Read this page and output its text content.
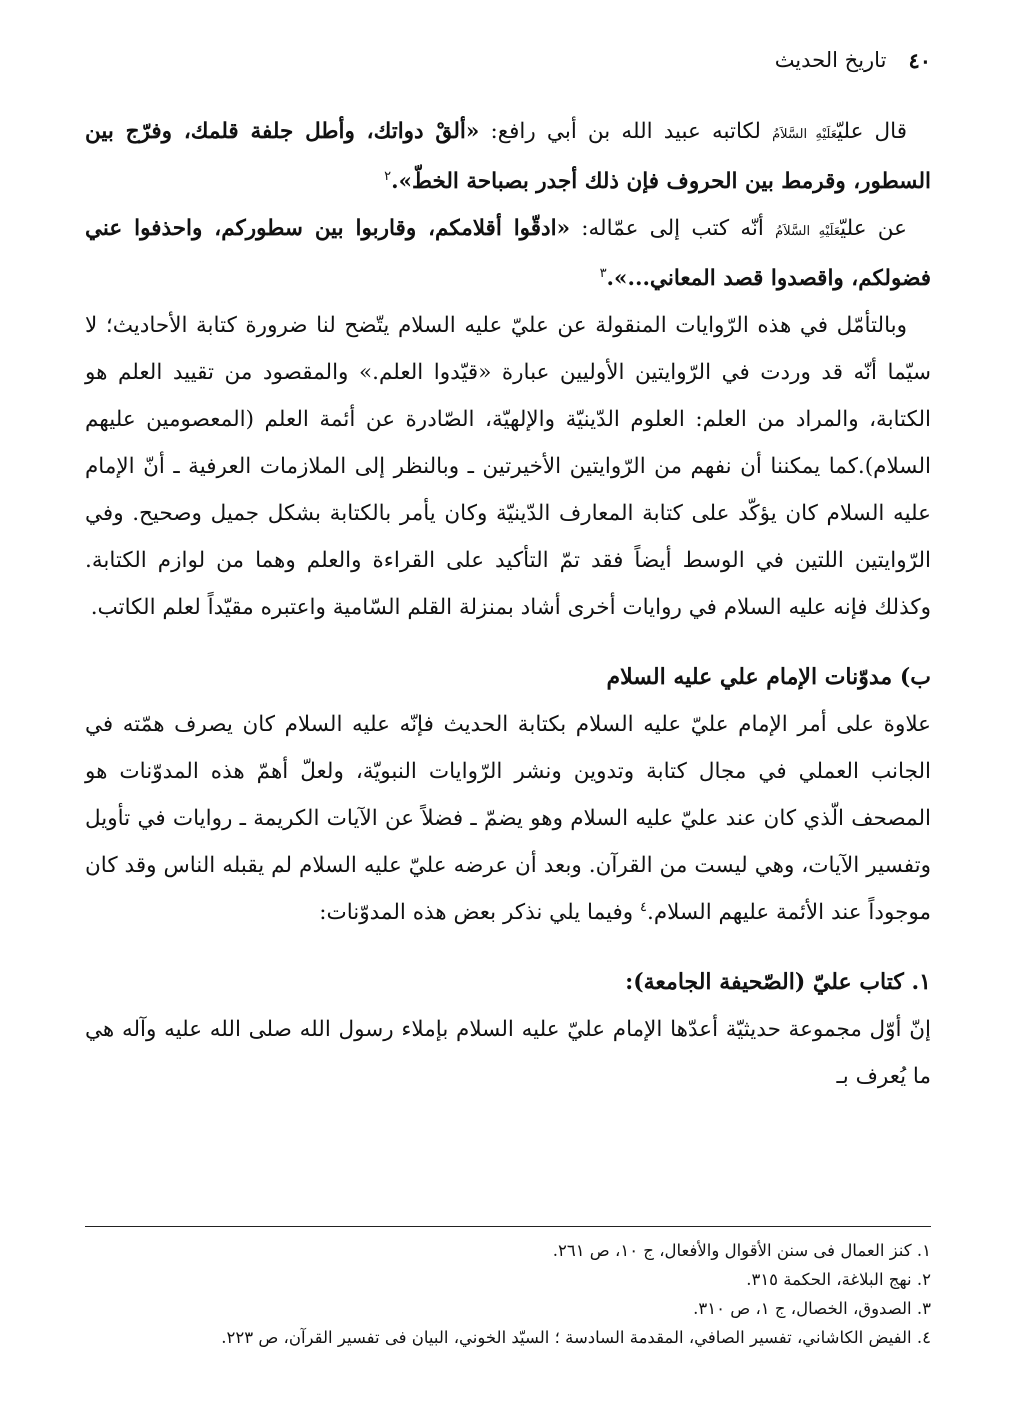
٤٠
تاريخ الحديث

قال عليّعَلَيْهِ السَّلاَمُ لكاتبه عبيد الله بن أبي رافع: «ألقْ دواتك، وأطل جلفة قلمك، وفرّج بين السطور، وقرمط بين الحروف فإن ذلك أجدر بصباحة الخطّ».$^٢$

عن عليّعَلَيْهِ السَّلاَمُ أنّه كتب إلى عمّاله: «ادقّوا أقلامكم، وقاربوا بين سطوركم، واحذفوا عني فضولكم، واقصدوا قصد المعاني...».$^٣$

وبالتأمّل في هذه الرّوايات المنقولة عن عليّ عليه السلام يتّضح لنا ضرورة كتابة الأحاديث؛ لا سيّما أنّه قد وردت في الرّوايتين الأوليين عبارة «قيّدوا العلم.» والمقصود من تقييد العلم هو الكتابة، والمراد من العلم: العلوم الدّينيّة والإلهيّة، الصّادرة عن أئمة العلم (المعصومين عليهم السلام).كما يمكننا أن نفهم من الرّوايتين الأخيرتين ـ وبالنظر إلى الملازمات العرفية ـ أنّ الإمام عليه السلام كان يؤكّد على كتابة المعارف الدّينيّة وكان يأمر بالكتابة بشكل جميل وصحيح. وفي الرّوايتين اللتين في الوسط أيضاً فقد تمّ التأكيد على القراءة والعلم وهما من لوازم الكتابة. وكذلك فإنه عليه السلام في روايات أخرى أشاد بمنزلة القلم السّامية واعتبره مقيّداً لعلم الكاتب.

ب) مدوّنات الإمام علي عليه السلام

علاوة على أمر الإمام عليّ عليه السلام بكتابة الحديث فإنّه عليه السلام كان يصرف همّته في الجانب العملي في مجال كتابة وتدوين ونشر الرّوايات النبويّة، ولعلّ أهمّ هذه المدوّنات هو المصحف الّذي كان عند عليّ عليه السلام وهو يضمّ ـ فضلاً عن الآيات الكريمة ـ روايات في تأويل وتفسير الآيات، وهي ليست من القرآن. وبعد أن عرضه عليّ عليه السلام لم يقبله الناس وقد كان موجوداً عند الأئمة عليهم السلام.$^٤$ وفيما يلي نذكر بعض هذه المدوّنات:

١. كتاب عليّ (الصّحيفة الجامعة):

إنّ أوّل مجموعة حديثيّة أعدّها الإمام عليّ عليه السلام بإملاء رسول الله صلى الله عليه وآله هي ما يُعرف بـ

١. كنز العمال فى سنن الأقوال والأفعال، ج ١٠، ص ٢٦١.

٢. نهج البلاغة، الحكمة ٣١٥.

٣. الصدوق، الخصال، ج ١، ص ٣١٠.

٤. الفيض الكاشاني، تفسير الصافي، المقدمة السادسة ؛ السيّد الخوني، البيان فى تفسير القرآن، ص ٢٢٣.
